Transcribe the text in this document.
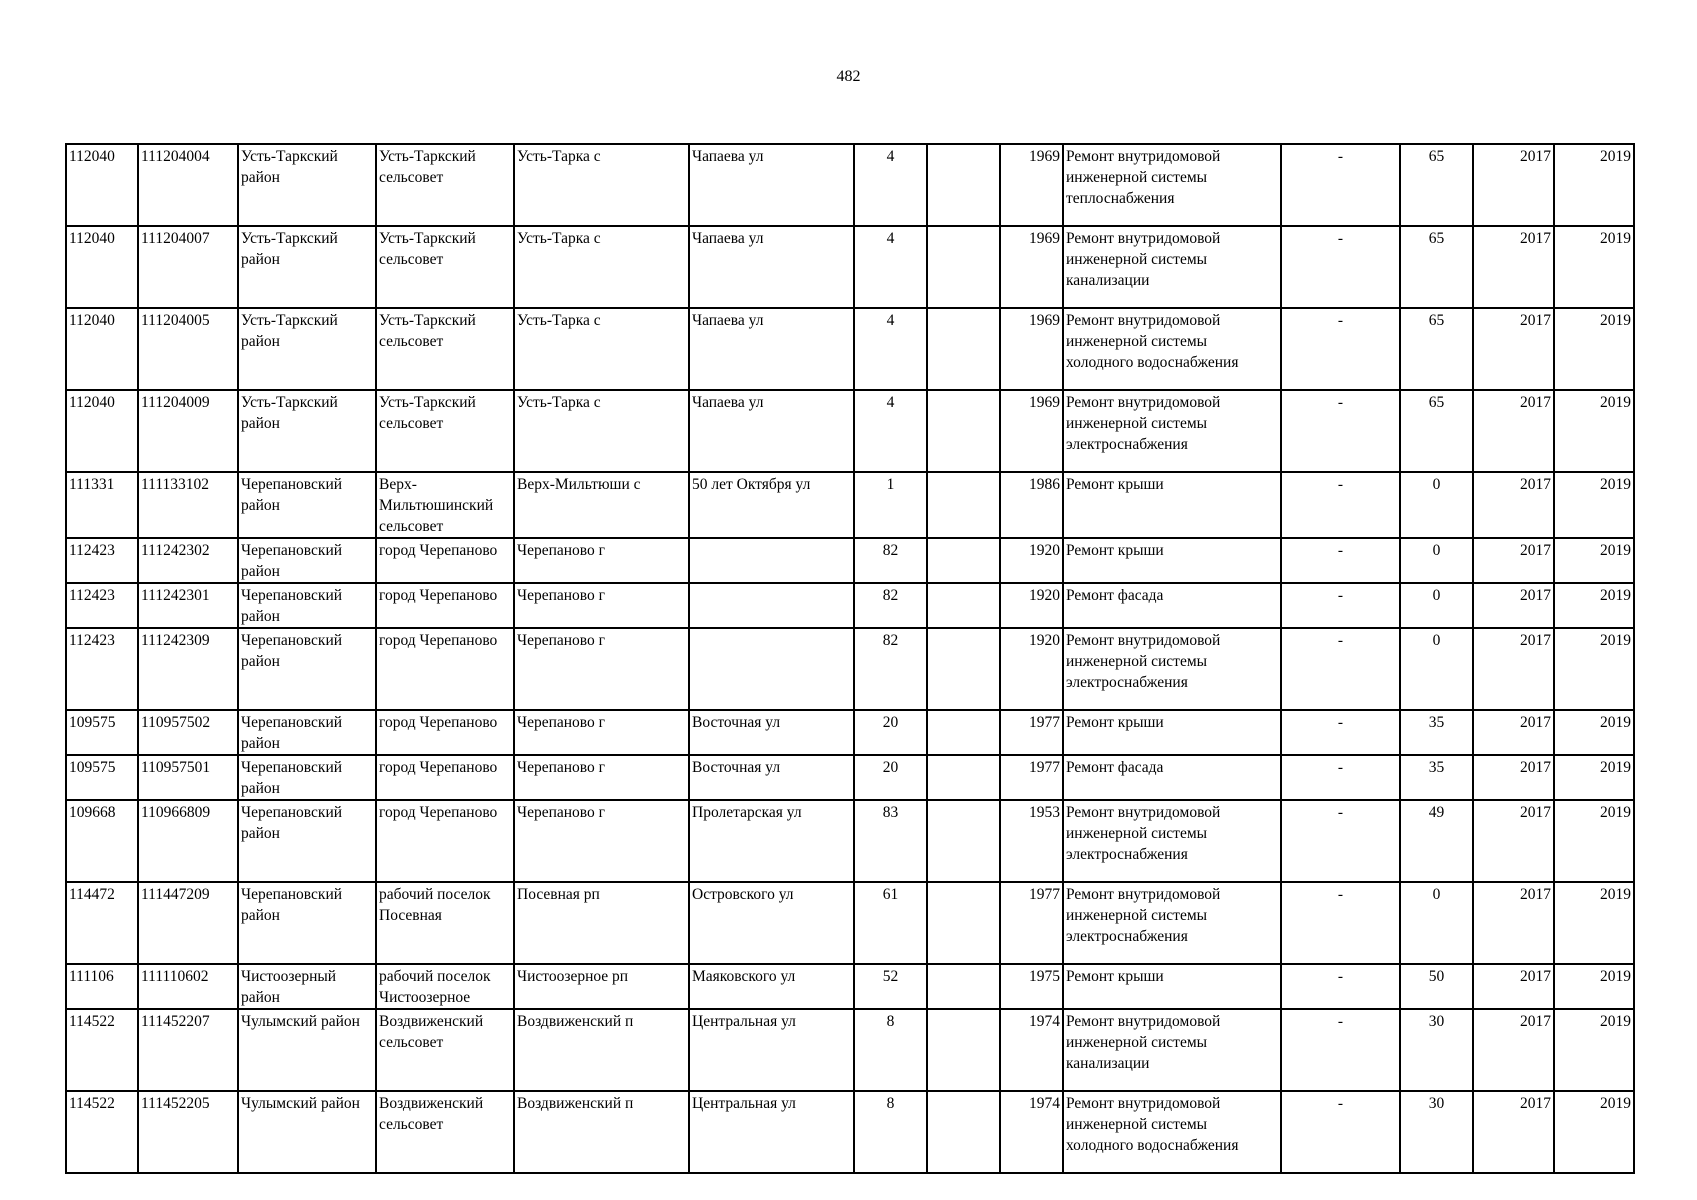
482
112040	111204004	Усть-Таркский район	Усть-Таркский сельсовет	Усть-Тарка с	Чапаева ул	4		1969	Ремонт внутридомовой инженерной системы теплоснабжения	-	65	2017	2019
112040	111204007	Усть-Таркский район	Усть-Таркский сельсовет	Усть-Тарка с	Чапаева ул	4		1969	Ремонт внутридомовой инженерной системы канализации	-	65	2017	2019
112040	111204005	Усть-Таркский район	Усть-Таркский сельсовет	Усть-Тарка с	Чапаева ул	4		1969	Ремонт внутридомовой инженерной системы холодного водоснабжения	-	65	2017	2019
112040	111204009	Усть-Таркский район	Усть-Таркский сельсовет	Усть-Тарка с	Чапаева ул	4		1969	Ремонт внутридомовой инженерной системы электроснабжения	-	65	2017	2019
111331	111133102	Черепановский район	Верх-Мильтюшинский сельсовет	Верх-Мильтюши с	50 лет Октября ул	1		1986	Ремонт крыши	-	0	2017	2019
112423	111242302	Черепановский район	город Черепаново	Черепаново г		82		1920	Ремонт крыши	-	0	2017	2019
112423	111242301	Черепановский район	город Черепаново	Черепаново г		82		1920	Ремонт фасада	-	0	2017	2019
112423	111242309	Черепановский район	город Черепаново	Черепаново г		82		1920	Ремонт внутридомовой инженерной системы электроснабжения	-	0	2017	2019
109575	110957502	Черепановский район	город Черепаново	Черепаново г	Восточная ул	20		1977	Ремонт крыши	-	35	2017	2019
109575	110957501	Черепановский район	город Черепаново	Черепаново г	Восточная ул	20		1977	Ремонт фасада	-	35	2017	2019
109668	110966809	Черепановский район	город Черепаново	Черепаново г	Пролетарская ул	83		1953	Ремонт внутридомовой инженерной системы электроснабжения	-	49	2017	2019
114472	111447209	Черепановский район	рабочий поселок Посевная	Посевная рп	Островского ул	61		1977	Ремонт внутридомовой инженерной системы электроснабжения	-	0	2017	2019
111106	111110602	Чистоозерный район	рабочий поселок Чистоозерное	Чистоозерное рп	Маяковского ул	52		1975	Ремонт крыши	-	50	2017	2019
114522	111452207	Чулымский район	Воздвиженский сельсовет	Воздвиженский п	Центральная ул	8		1974	Ремонт внутридомовой инженерной системы канализации	-	30	2017	2019
114522	111452205	Чулымский район	Воздвиженский сельсовет	Воздвиженский п	Центральная ул	8		1974	Ремонт внутридомовой инженерной системы холодного водоснабжения	-	30	2017	2019
